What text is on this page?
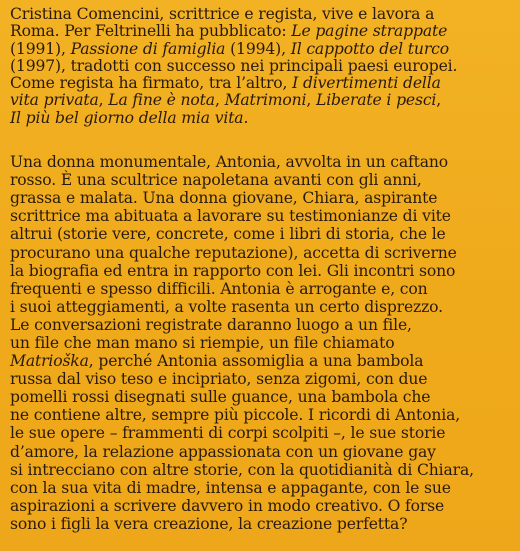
Cristina Comencini, scrittrice e regista, vive e lavora a
Roma. Per Feltrinelli ha pubblicato: Le pagine strappate
(1991), Passione di famiglia (1994), Il cappotto del turco
(1997), tradotti con successo nei principali paesi europei.
Come regista ha firmato, tra l’altro, I divertimenti della
vita privata, La fine è nota, Matrimoni, Liberate i pesci,
Il più bel giorno della mia vita.

Una donna monumentale, Antonia, avvolta in un caftano
rosso. È una scultrice napoletana avanti con gli anni,
grassa e malata. Una donna giovane, Chiara, aspirante
scrittrice ma abituata a lavorare su testimonianze di vite
altrui (storie vere, concrete, come i libri di storia, che le
procurano una qualche reputazione), accetta di scriverne
la biografia ed entra in rapporto con lei. Gli incontri sono
frequenti e spesso difficili. Antonia è arrogante e, con
i suoi atteggiamenti, a volte rasenta un certo disprezzo.
Le conversazioni registrate daranno luogo a un file,
un file che man mano si riempie, un file chiamato
Matrioška, perché Antonia assomiglia a una bambola
russa dal viso teso e incipriato, senza zigomi, con due
pomelli rossi disegnati sulle guance, una bambola che
ne contiene altre, sempre più piccole. I ricordi di Antonia,
le sue opere – frammenti di corpi scolpiti –, le sue storie
d’amore, la relazione appassionata con un giovane gay
si intrecciano con altre storie, con la quotidianità di Chiara,
con la sua vita di madre, intensa e appagante, con le sue
aspirazioni a scrivere davvero in modo creativo. O forse
sono i figli la vera creazione, la creazione perfetta?
